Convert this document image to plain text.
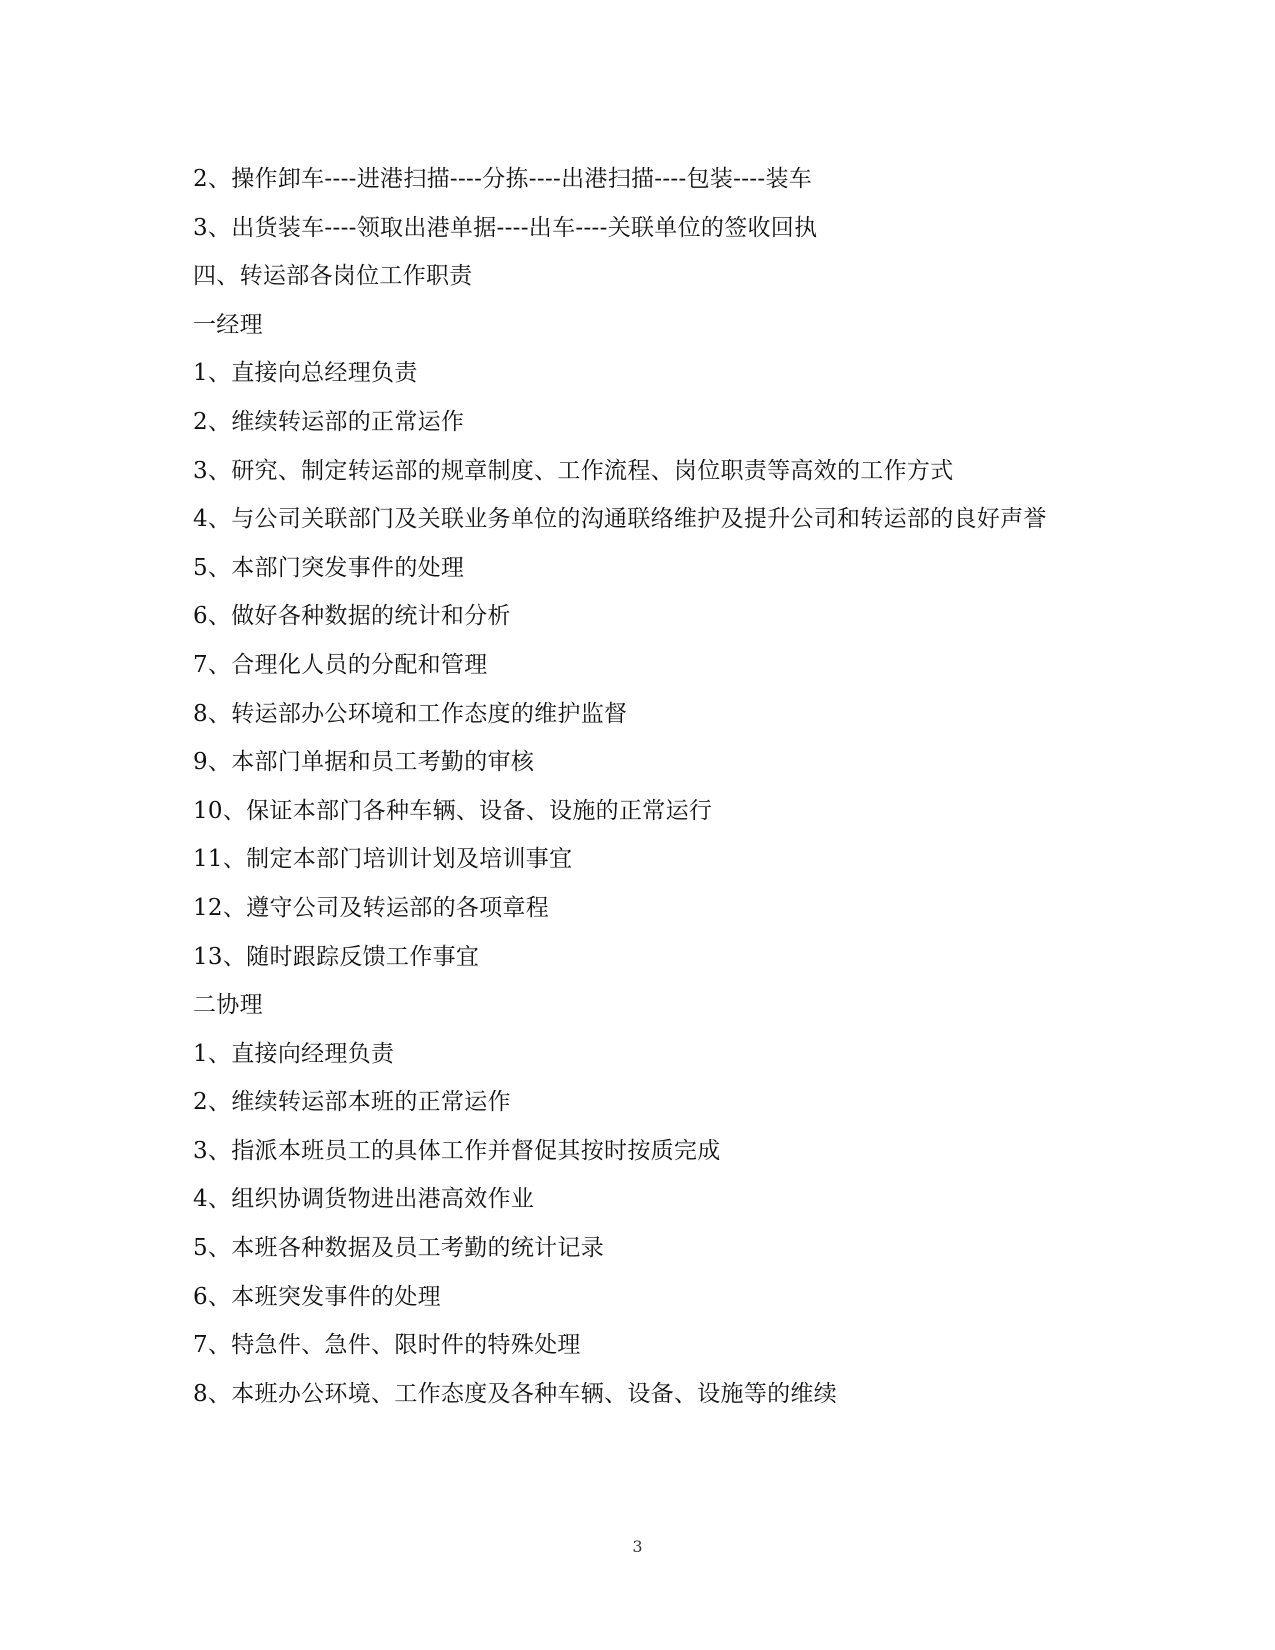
2、操作卸车----进港扫描----分拣----出港扫描----包装----装车
3、出货装车----领取出港单据----出车----关联单位的签收回执
四、转运部各岗位工作职责
一经理
1、直接向总经理负责
2、维续转运部的正常运作
3、研究、制定转运部的规章制度、工作流程、岗位职责等高效的工作方式
4、与公司关联部门及关联业务单位的沟通联络维护及提升公司和转运部的良好声誉
5、本部门突发事件的处理
6、做好各种数据的统计和分析
7、合理化人员的分配和管理
8、转运部办公环境和工作态度的维护监督
9、本部门单据和员工考勤的审核
10、保证本部门各种车辆、设备、设施的正常运行
11、制定本部门培训计划及培训事宜
12、遵守公司及转运部的各项章程
13、随时跟踪反馈工作事宜
二协理
1、直接向经理负责
2、维续转运部本班的正常运作
3、指派本班员工的具体工作并督促其按时按质完成
4、组织协调货物进出港高效作业
5、本班各种数据及员工考勤的统计记录
6、本班突发事件的处理
7、特急件、急件、限时件的特殊处理
8、本班办公环境、工作态度及各种车辆、设备、设施等的维续
3
